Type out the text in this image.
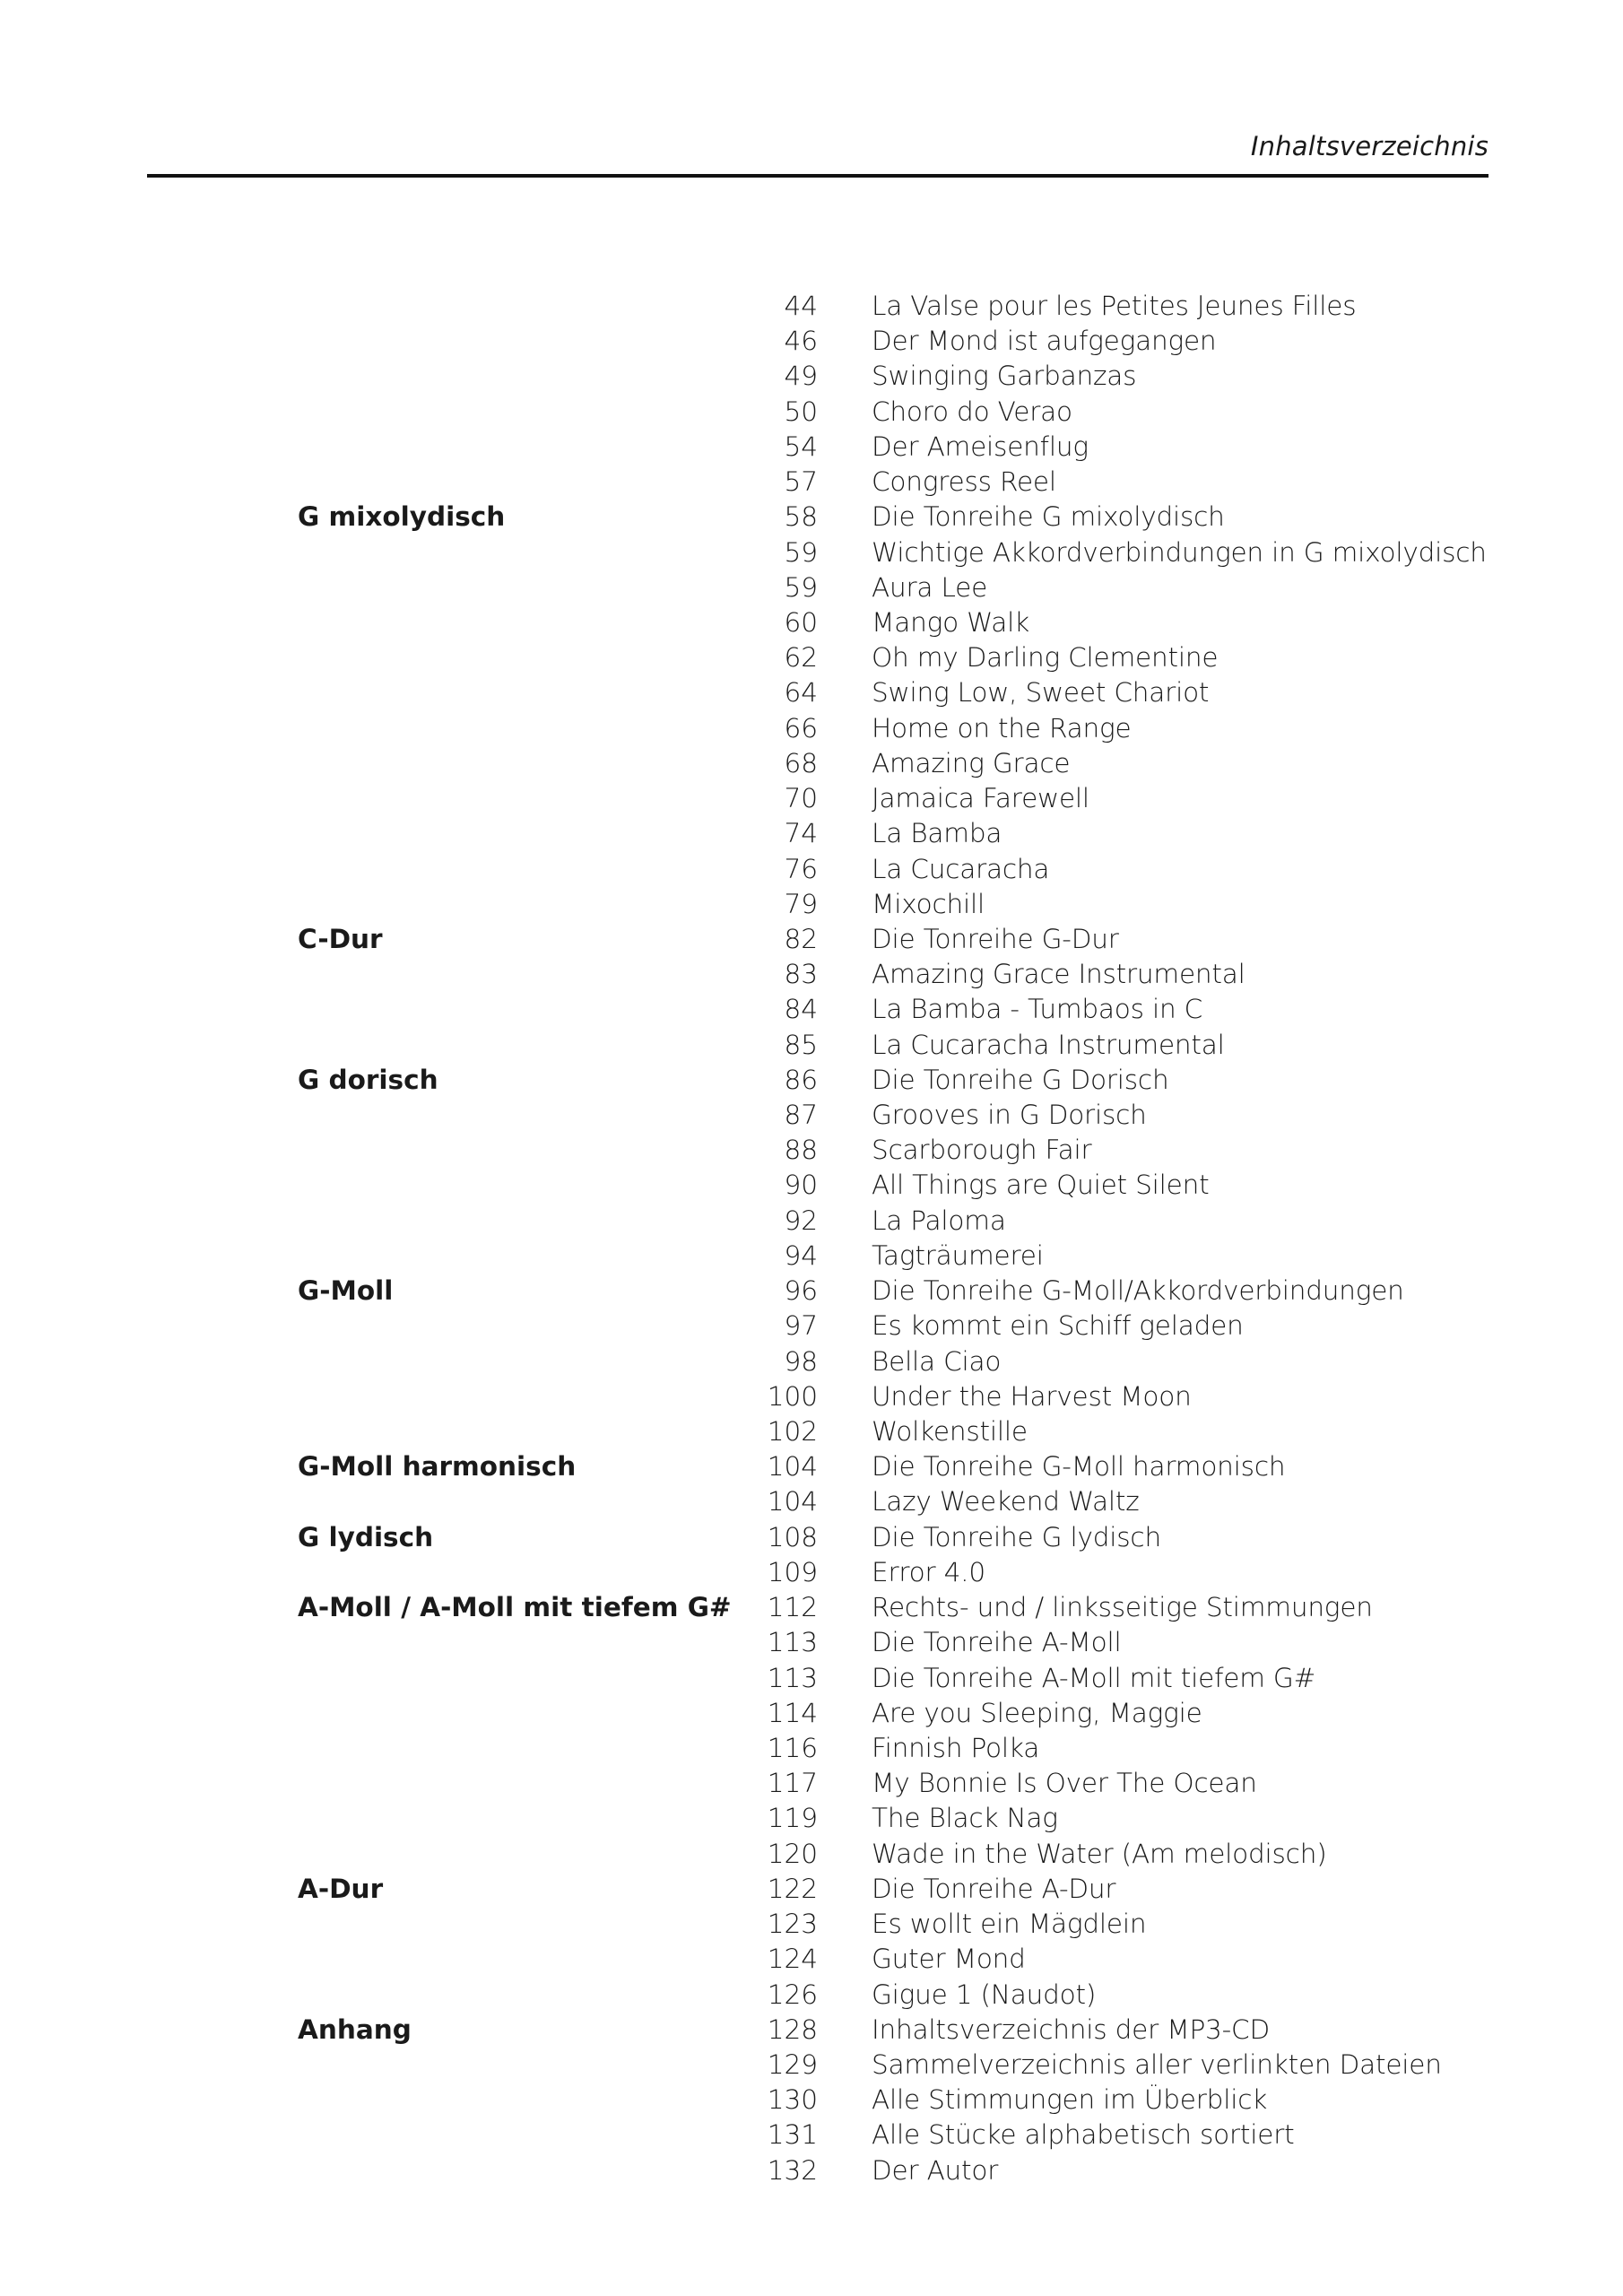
Inhaltsverzeichnis
44 La Valse pour les Petites Jeunes Filles
46 Der Mond ist aufgegangen
49 Swinging Garbanzas
50 Choro do Verao
54 Der Ameisenflug
57 Congress Reel
G mixolydisch	58 Die Tonreihe G mixolydisch
59 Wichtige Akkordverbindungen in G mixolydisch
59 Aura Lee
60 Mango Walk
62 Oh my Darling Clementine
64 Swing Low, Sweet Chariot
66 Home on the Range
68 Amazing Grace
70 Jamaica Farewell
74 La Bamba
76 La Cucaracha
79 Mixochill
C-Dur	82 Die Tonreihe G-Dur
83 Amazing Grace Instrumental
84 La Bamba - Tumbaos in C
85 La Cucaracha Instrumental
G dorisch	86 Die Tonreihe G Dorisch
87 Grooves in G Dorisch
88 Scarborough Fair
90 All Things are Quiet Silent
92 La Paloma
94 Tagträumerei
G-Moll	96 Die Tonreihe G-Moll/Akkordverbindungen
97 Es kommt ein Schiff geladen
98 Bella Ciao
100 Under the Harvest Moon
102 Wolkenstille
G-Moll harmonisch	104 Die Tonreihe G-Moll harmonisch
104 Lazy Weekend Waltz
G lydisch	108 Die Tonreihe G lydisch
109 Error 4.0
A-Moll / A-Moll mit tiefem G#	112 Rechts- und / linksseitige Stimmungen
113 Die Tonreihe A-Moll
113 Die Tonreihe A-Moll mit tiefem G#
114 Are you Sleeping, Maggie
116 Finnish Polka
117 My Bonnie Is Over The Ocean
119 The Black Nag
120 Wade in the Water (Am melodisch)
A-Dur	122 Die Tonreihe A-Dur
123 Es wollt ein Mägdlein
124 Guter Mond
126 Gigue 1 (Naudot)
Anhang	128 Inhaltsverzeichnis der MP3-CD
129 Sammelverzeichnis aller verlinkten Dateien
130 Alle Stimmungen im Überblick
131 Alle Stücke alphabetisch sortiert
132 Der Autor
